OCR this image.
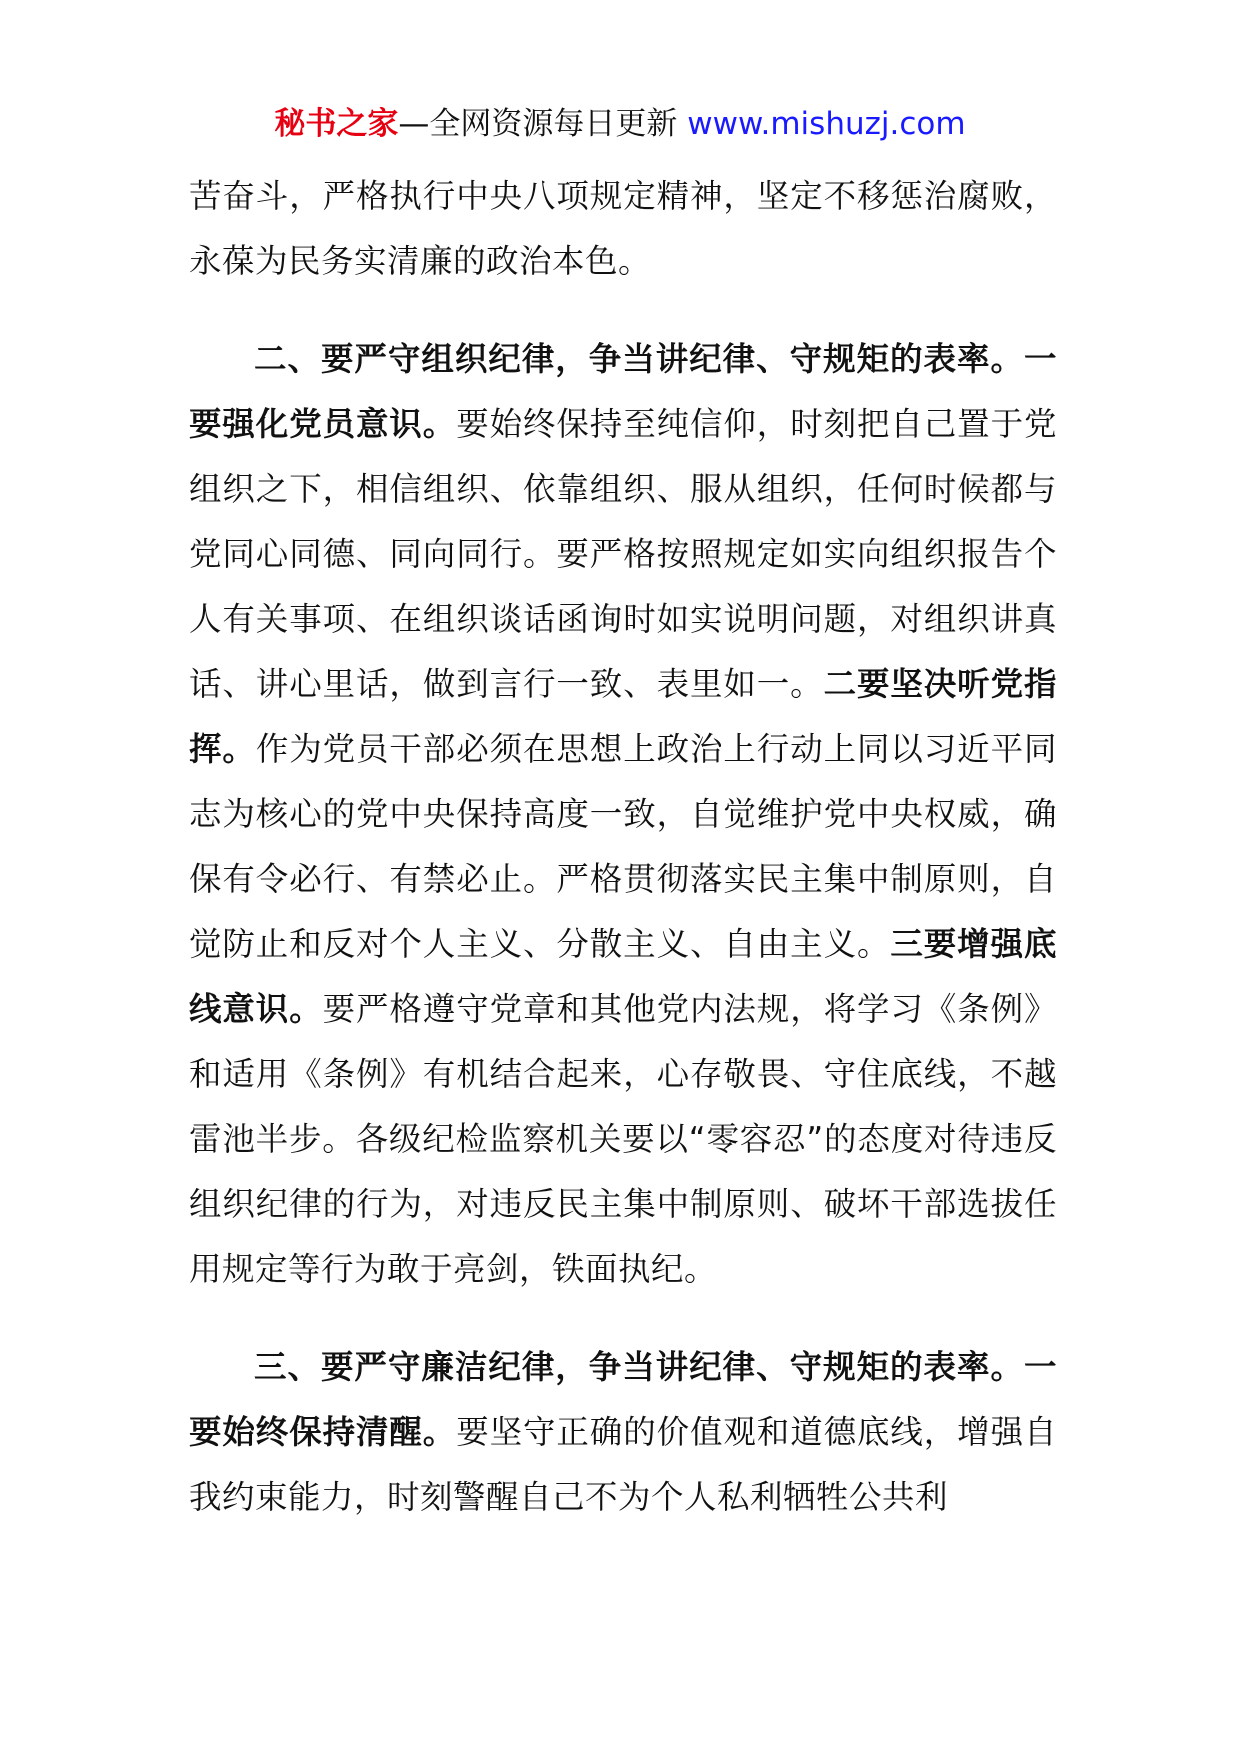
秘书之家—全网资源每日更新 www.mishuzj.com

苦奋斗，严格执行中央八项规定精神，坚定不移惩治腐败，永葆为民务实清廉的政治本色。

二、要严守组织纪律，争当讲纪律、守规矩的表率。一要强化党员意识。要始终保持至纯信仰，时刻把自己置于党组织之下，相信组织、依靠组织、服从组织，任何时候都与党同心同德、同向同行。要严格按照规定如实向组织报告个人有关事项、在组织谈话函询时如实说明问题，对组织讲真话、讲心里话，做到言行一致、表里如一。二要坚决听党指挥。作为党员干部必须在思想上政治上行动上同以习近平同志为核心的党中央保持高度一致，自觉维护党中央权威，确保有令必行、有禁必止。严格贯彻落实民主集中制原则，自觉防止和反对个人主义、分散主义、自由主义。三要增强底线意识。要严格遵守党章和其他党内法规，将学习《条例》和适用《条例》有机结合起来，心存敬畏、守住底线，不越雷池半步。各级纪检监察机关要以“零容忍”的态度对待违反组织纪律的行为，对违反民主集中制原则、破坏干部选拔任用规定等行为敢于亮剑，铁面执纪。

三、要严守廉洁纪律，争当讲纪律、守规矩的表率。一要始终保持清醒。要坚守正确的价值观和道德底线，增强自我约束能力，时刻警醒自己不为个人私利牺牲公共利
